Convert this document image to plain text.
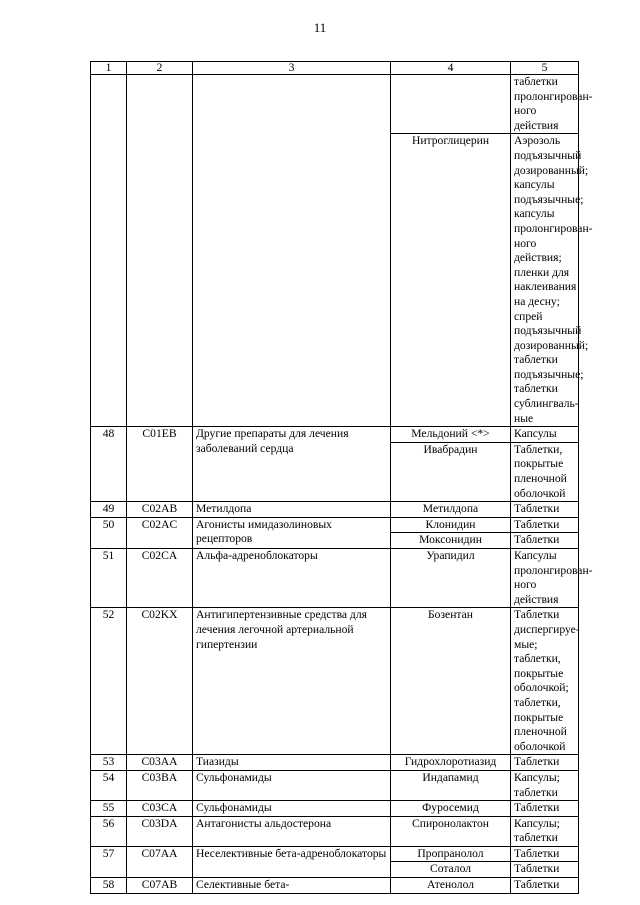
11
1	2	3	4	5
				таблетки пролонгирован-ного действия
			Нитроглицерин	Аэрозоль подъязычный дозированный; капсулы подъязычные; капсулы пролонгирован-ного действия; пленки для наклеивания на десну; спрей подъязычный дозированный; таблетки подъязычные; таблетки сублингваль-ные
48	C01EB	Другие препараты для лечения заболеваний сердца	Мельдоний <*>	Капсулы
			Ивабрадин	Таблетки, покрытые пленочной оболочкой
49	C02AB	Метилдопа	Метилдопа	Таблетки
50	C02AC	Агонисты имидазолиновых рецепторов	Клонидин	Таблетки
			Моксонидин	Таблетки
51	C02CA	Альфа-адреноблокаторы	Урапидил	Капсулы пролонгирован-ного действия
52	C02KX	Антигипертензивные средства для лечения легочной артериальной гипертензии	Бозентан	Таблетки диспергируе-мые; таблетки, покрытые оболочкой; таблетки, покрытые пленочной оболочкой
53	C03AA	Тиазиды	Гидрохлоротиазид	Таблетки
54	C03BA	Сульфонамиды	Индапамид	Капсулы; таблетки
55	C03CA	Сульфонамиды	Фуросемид	Таблетки
56	C03DA	Антагонисты альдостерона	Спиронолактон	Капсулы; таблетки
57	C07AA	Неселективные бета-адреноблокаторы	Пропранолол	Таблетки
			Соталол	Таблетки
58	C07AB	Селективные бета-	Атенолол	Таблетки
